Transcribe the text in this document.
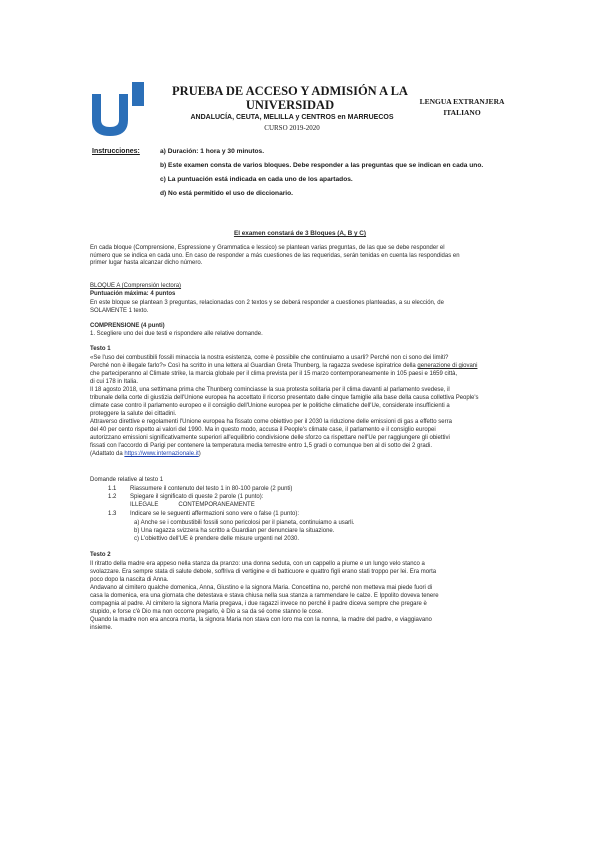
PRUEBA DE ACCESO Y ADMISIÓN A LA
UNIVERSIDAD
ANDALUCÍA, CEUTA, MELILLA y CENTROS en MARRUECOS
CURSO 2019-2020
LENGUA EXTRANJERA
ITALIANO
Instrucciones:	a) Duración: 1 hora y 30 minutos.
b) Este examen consta de varios bloques. Debe responder a las preguntas que se indican en cada uno.
c) La puntuación está indicada en cada uno de los apartados.
d) No está permitido el uso de diccionario.
El examen constará de 3 Bloques (A, B y C)
En cada bloque (Comprensione, Espressione y Grammatica e lessico) se plantean varias preguntas, de las que se debe responder el
número que se indica en cada uno. En caso de responder a más cuestiones de las requeridas, serán tenidas en cuenta las respondidas en
primer lugar hasta alcanzar dicho número.
BLOQUE A (Comprensión lectora)
Puntuación máxima: 4 puntos
En este bloque se plantean 3 preguntas, relacionadas con 2 textos y se deberá responder a cuestiones planteadas, a su elección, de
SOLAMENTE 1 texto.
COMPRENSIONE (4 punti)
1. Scegliere uno dei due testi e rispondere alle relative domande.
Testo 1
«Se l'uso dei combustibili fossili minaccia la nostra esistenza, come è possibile che continuiamo a usarli? Perché non ci sono dei limiti?
Perché non è illegale farlo?» Così ha scritto in una lettera al Guardian Greta Thunberg, la ragazza svedese ispiratrice della generazione di giovani
che parteciperanno al Climate strike, la marcia globale per il clima prevista per il 15 marzo contemporaneamente in 105 paesi e 1659 città,
di cui 178 in Italia.
Il 18 agosto 2018, una settimana prima che Thunberg cominciasse la sua protesta solitaria per il clima davanti al parlamento svedese, il
tribunale della corte di giustizia dell'Unione europea ha accettato il ricorso presentato dalle cinque famiglie alla base della causa collettiva People's
climate case contro il parlamento europeo e il consiglio dell'Unione europea per le politiche climatiche dell'Ue, considerate insufficienti a
proteggere la salute dei cittadini.
Attraverso direttive e regolamenti l'Unione europea ha fissato come obiettivo per il 2030 la riduzione delle emissioni di gas a effetto serra
del 40 per cento rispetto ai valori del 1990. Ma in questo modo, accusa il People's climate case, il parlamento e il consiglio europei
autorizzano emissioni significativamente superiori all'equilibrio condivisione delle sforzo ca rispettare nell'Ue per raggiungere gli obiettivi
fissati con l'accordo di Parigi per contenere la temperatura media terrestre entro 1,5 gradi o comunque ben al di sotto dei 2 gradi.
(Adattato da https://www.internazionale.it)
Domande relative al testo 1
1.1 Riassumere il contenuto del testo 1 in 80-100 parole (2 punti)
1.2 Spiegare il significato di queste 2 parole (1 punto):
ILLEGALE            CONTEMPORANEAMENTE
1.3 Indicare se le seguenti affermazioni sono vere o false (1 punto):
a) Anche se i combustibili fossili sono pericolosi per il pianeta, continuiamo a usarli.
b) Una ragazza svizzera ha scritto a Guardian per denunciare la situazione.
c) L'obiettivo dell'UE è prendere delle misure urgenti nel 2030.
Testo 2
Il ritratto della madre era appeso nella stanza da pranzo: una donna seduta, con un cappello a piume e un lungo velo stanco a
svolazzare. Era sempre stata di salute debole, soffriva di vertigine e di batticuore e quattro figli erano stati troppo per lei. Era morta
poco dopo la nascita di Anna.
Andavano al cimitero qualche domenica, Anna, Giustino e la signora Maria. Concettina no, perché non metteva mai piede fuori di
casa la domenica, era una giornata che detestava e stava chiusa nella sua stanza a rammendare le calze. E Ippolito doveva tenere
compagnia al padre. Al cimitero la signora Maria pregava, i due ragazzi invece no perché il padre diceva sempre che pregare è
stupido, e forse c'è Dio ma non occorre pregarlo, è Dio a sa da sé come stanno le cose.
Quando la madre non era ancora morta, la signora Maria non stava con loro ma con la nonna, la madre del padre, e viaggiavano
insieme.
